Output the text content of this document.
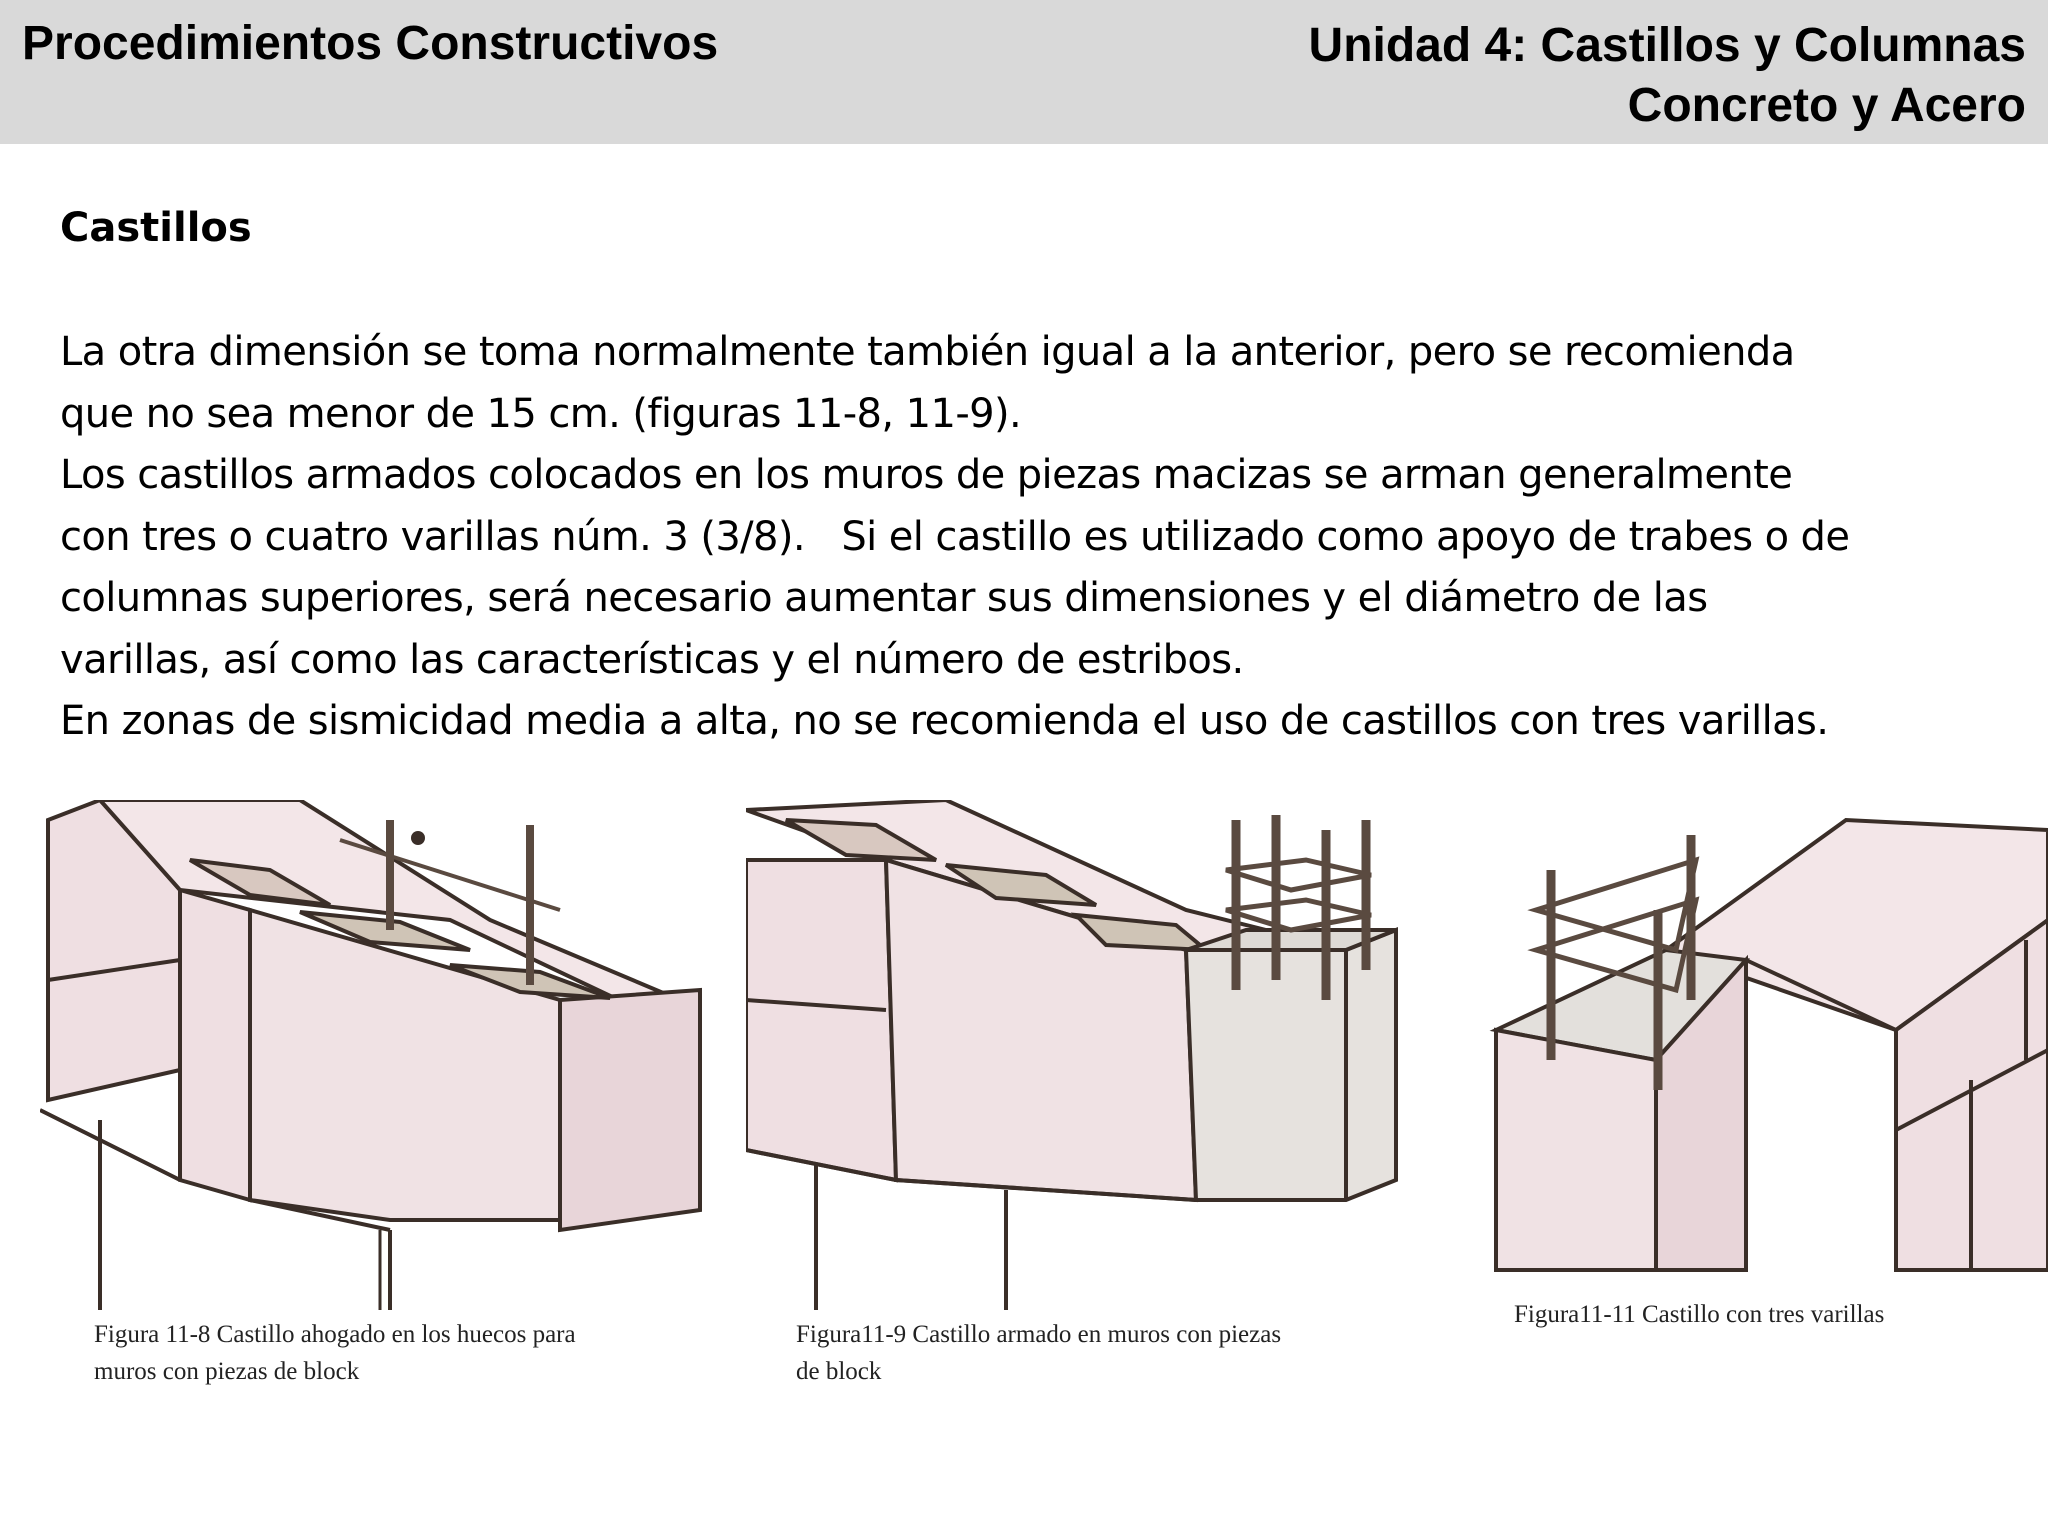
Procedimientos Constructivos	Unidad 4: Castillos y Columnas
Concreto y Acero
Castillos

La otra dimensión se toma normalmente también igual a la anterior, pero se recomienda

que no sea menor de 15 cm. (figuras 11-8, 11-9).

Los castillos armados colocados en los muros de piezas macizas se arman generalmente

con tres o cuatro varillas núm. 3 (3/8).   Si el castillo es utilizado como apoyo de trabes o de

columnas superiores, será necesario aumentar sus dimensiones y el diámetro de las

varillas, así como las características y el número de estribos.

En zonas de sismicidad media a alta, no se recomienda el uso de castillos con tres varillas.

Figura 11-8 Castillo ahogado en los huecos para
muros con piezas de block
Figura11-9 Castillo armado en muros con piezas
de block
Figura11-11 Castillo con tres varillas
